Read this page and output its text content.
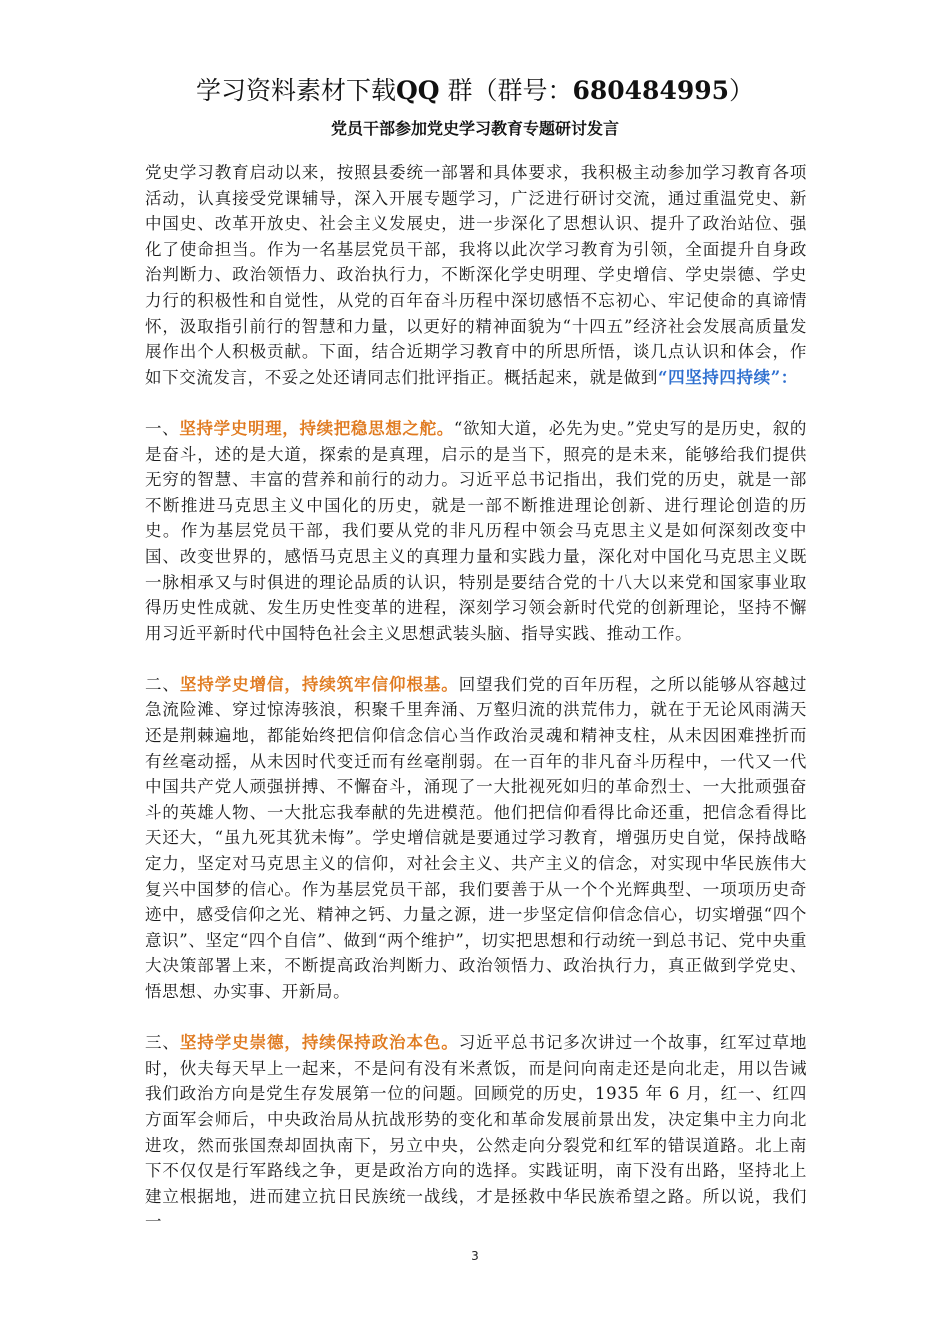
学习资料素材下载QQ 群（群号：680484995）
党员干部参加党史学习教育专题研讨发言

党史学习教育启动以来，按照县委统一部署和具体要求，我积极主动参加学习教育各项活动，认真接受党课辅导，深入开展专题学习，广泛进行研讨交流，通过重温党史、新中国史、改革开放史、社会主义发展史，进一步深化了思想认识、提升了政治站位、强化了使命担当。作为一名基层党员干部，我将以此次学习教育为引领，全面提升自身政治判断力、政治领悟力、政治执行力，不断深化学史明理、学史增信、学史崇德、学史力行的积极性和自觉性，从党的百年奋斗历程中深切感悟不忘初心、牢记使命的真谛情怀，汲取指引前行的智慧和力量，以更好的精神面貌为“十四五”经济社会发展高质量发展作出个人积极贡献。下面，结合近期学习教育中的所思所悟，谈几点认识和体会，作如下交流发言，不妥之处还请同志们批评指正。概括起来，就是做到“四坚持四持续”：

一、坚持学史明理，持续把稳思想之舵。“欲知大道，必先为史。”党史写的是历史，叙的是奋斗，述的是大道，探索的是真理，启示的是当下，照亮的是未来，能够给我们提供无穷的智慧、丰富的营养和前行的动力。习近平总书记指出，我们党的历史，就是一部不断推进马克思主义中国化的历史，就是一部不断推进理论创新、进行理论创造的历史。作为基层党员干部，我们要从党的非凡历程中领会马克思主义是如何深刻改变中国、改变世界的，感悟马克思主义的真理力量和实践力量，深化对中国化马克思主义既一脉相承又与时俱进的理论品质的认识，特别是要结合党的十八大以来党和国家事业取得历史性成就、发生历史性变革的进程，深刻学习领会新时代党的创新理论，坚持不懈用习近平新时代中国特色社会主义思想武装头脑、指导实践、推动工作。

二、坚持学史增信，持续筑牢信仰根基。回望我们党的百年历程，之所以能够从容越过急流险滩、穿过惊涛骇浪，积聚千里奔涌、万壑归流的洪荒伟力，就在于无论风雨满天还是荆棘遍地，都能始终把信仰信念信心当作政治灵魂和精神支柱，从未因困难挫折而有丝毫动摇，从未因时代变迁而有丝毫削弱。在一百年的非凡奋斗历程中，一代又一代中国共产党人顽强拼搏、不懈奋斗，涌现了一大批视死如归的革命烈士、一大批顽强奋斗的英雄人物、一大批忘我奉献的先进模范。他们把信仰看得比命还重，把信念看得比天还大，“虽九死其犹未悔”。学史增信就是要通过学习教育，增强历史自觉，保持战略定力，坚定对马克思主义的信仰，对社会主义、共产主义的信念，对实现中华民族伟大复兴中国梦的信心。作为基层党员干部，我们要善于从一个个光辉典型、一项项历史奇迹中，感受信仰之光、精神之钙、力量之源，进一步坚定信仰信念信心，切实增强“四个意识”、坚定“四个自信”、做到“两个维护”，切实把思想和行动统一到总书记、党中央重大决策部署上来，不断提高政治判断力、政治领悟力、政治执行力，真正做到学党史、悟思想、办实事、开新局。

三、坚持学史崇德，持续保持政治本色。习近平总书记多次讲过一个故事，红军过草地时，伙夫每天早上一起来，不是问有没有米煮饭，而是问向南走还是向北走，用以告诫我们政治方向是党生存发展第一位的问题。回顾党的历史，1935 年 6 月，红一、红四方面军会师后，中央政治局从抗战形势的变化和革命发展前景出发，决定集中主力向北进攻，然而张国焘却固执南下，另立中央，公然走向分裂党和红军的错误道路。北上南下不仅仅是行军路线之争，更是政治方向的选择。实践证明，南下没有出路，坚持北上建立根据地，进而建立抗日民族统一战线，才是拯救中华民族希望之路。所以说，我们一

3
